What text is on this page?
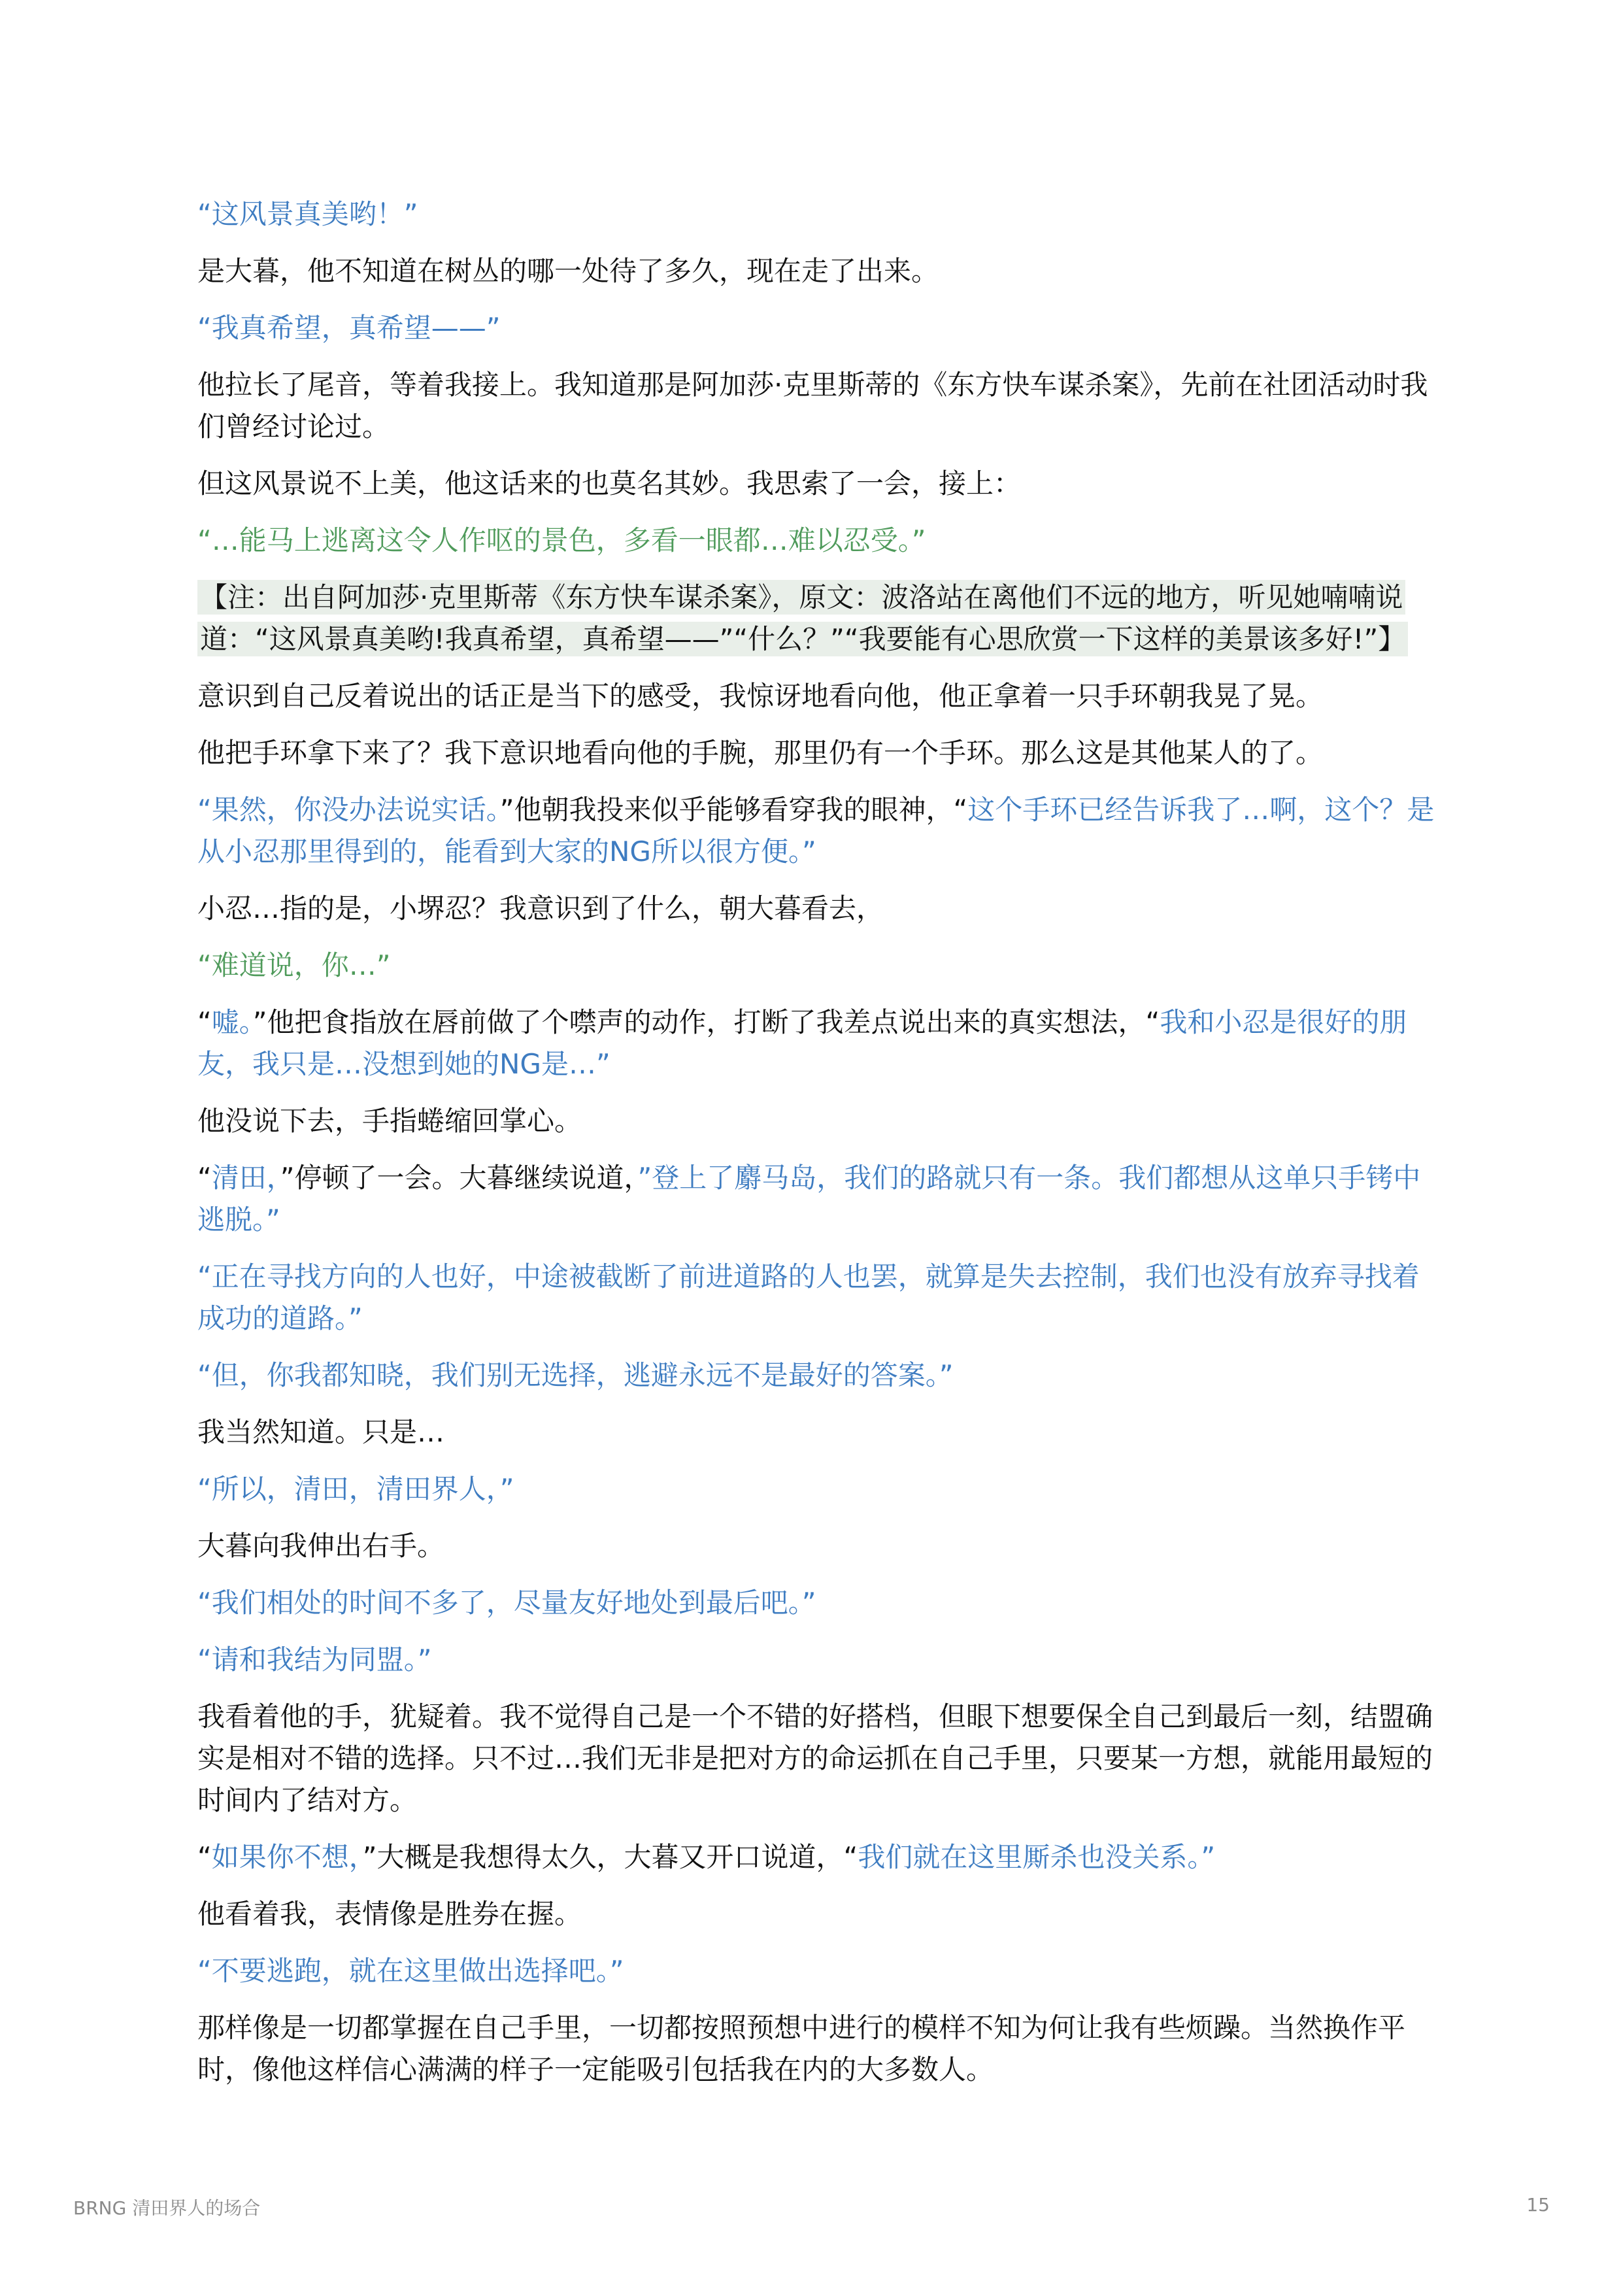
“这风景真美哟！”

是大暮，他不知道在树丛的哪一处待了多久，现在走了出来。

“我真希望，真希望——”

他拉长了尾音，等着我接上。我知道那是阿加莎·克里斯蒂的《东方快车谋杀案》，先前在社团活动时我们曾经讨论过。

但这风景说不上美，他这话来的也莫名其妙。我思索了一会，接上：

“…能马上逃离这令人作呕的景色，多看一眼都…难以忍受。”

【注：出自阿加莎·克里斯蒂《东方快车谋杀案》，原文：波洛站在离他们不远的地方，听见她喃喃说道：“这风景真美哟!我真希望，真希望——”“什么？”“我要能有心思欣赏一下这样的美景该多好!”】

意识到自己反着说出的话正是当下的感受，我惊讶地看向他，他正拿着一只手环朝我晃了晃。

他把手环拿下来了？我下意识地看向他的手腕，那里仍有一个手环。那么这是其他某人的了。

“果然，你没办法说实话。”他朝我投来似乎能够看穿我的眼神，“这个手环已经告诉我了…啊，这个？是从小忍那里得到的，能看到大家的NG所以很方便。”

小忍…指的是，小堺忍？我意识到了什么，朝大暮看去，

“难道说，你…”

“嘘。”他把食指放在唇前做了个噤声的动作，打断了我差点说出来的真实想法，“我和小忍是很好的朋友，我只是…没想到她的NG是…”

他没说下去，手指蜷缩回掌心。

“清田，”停顿了一会。大暮继续说道，”登上了麝马岛，我们的路就只有一条。我们都想从这单只手铐中逃脱。”

“正在寻找方向的人也好，中途被截断了前进道路的人也罢，就算是失去控制，我们也没有放弃寻找着成功的道路。”

“但，你我都知晓，我们别无选择，逃避永远不是最好的答案。”

我当然知道。只是…

“所以，清田，清田界人，”

大暮向我伸出右手。

“我们相处的时间不多了，尽量友好地处到最后吧。”

“请和我结为同盟。”

我看着他的手，犹疑着。我不觉得自己是一个不错的好搭档，但眼下想要保全自己到最后一刻，结盟确实是相对不错的选择。只不过…我们无非是把对方的命运抓在自己手里，只要某一方想，就能用最短的时间内了结对方。

“如果你不想，”大概是我想得太久，大暮又开口说道，“我们就在这里厮杀也没关系。”

他看着我，表情像是胜券在握。

“不要逃跑，就在这里做出选择吧。”

那样像是一切都掌握在自己手里，一切都按照预想中进行的模样不知为何让我有些烦躁。当然换作平时，像他这样信心满满的样子一定能吸引包括我在内的大多数人。

BRNG 清田界人的场合	15
